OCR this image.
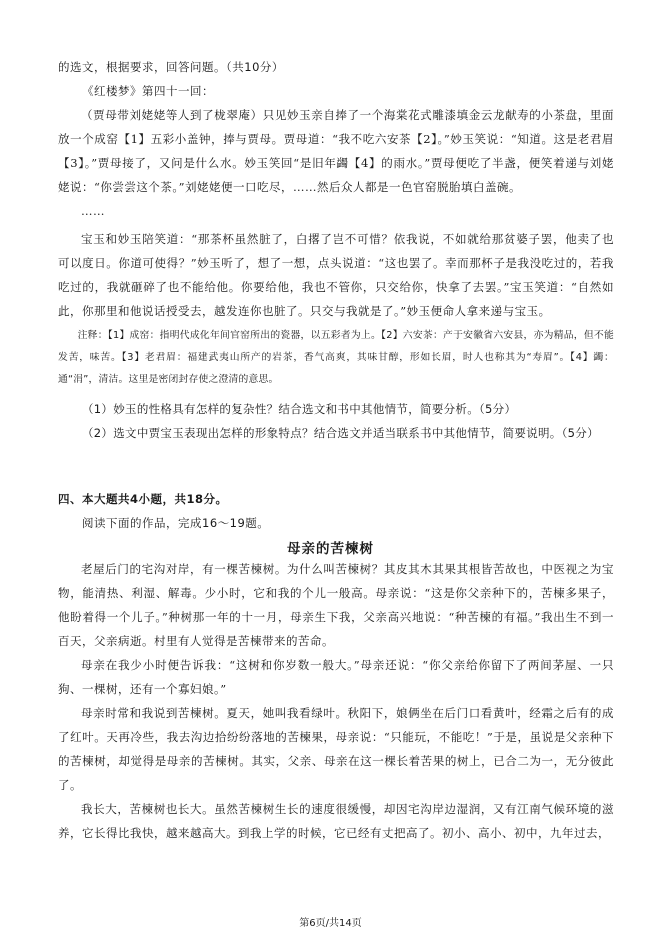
的选文，根据要求，回答问题。（共10分）
《红楼梦》第四十一回：

（贾母带刘姥姥等人到了栊翠庵）只见妙玉亲自捧了一个海棠花式雕漆填金云龙献寿的小茶盘，里面放一个成窑【1】五彩小盖钟，捧与贾母。贾母道：“我不吃六安茶【2】。”妙玉笑说：“知道。这是老君眉【3】。”贾母接了，又问是什么水。妙玉笑回“是旧年蠲【4】的雨水。”贾母便吃了半盏，便笑着递与刘姥姥说：“你尝尝这个茶。”刘姥姥便一口吃尽，……然后众人都是一色官窑脱胎填白盖碗。

……

宝玉和妙玉陪笑道：“那茶杯虽然脏了，白撂了岂不可惜？依我说，不如就给那贫婆子罢，他卖了也可以度日。你道可使得？”妙玉听了，想了一想，点头说道：“这也罢了。幸而那杯子是我没吃过的，若我吃过的，我就砸碎了也不能给他。你要给他，我也不管你，只交给你，快拿了去罢。”宝玉笑道：“自然如此，你那里和他说话授受去，越发连你也脏了。只交与我就是了。”妙玉便命人拿来递与宝玉。

注释：【1】成窑：指明代成化年间官窑所出的瓷器，以五彩者为上。【2】六安茶：产于安徽省六安县，亦为精品，但不能发苦，味苦。【3】老君眉：福建武夷山所产的岩茶，香气高爽，其味甘醇，形如长眉，时人也称其为“寿眉”。【4】蠲：通“涓”，清洁。这里是密闭封存使之澄清的意思。

（1）妙玉的性格具有怎样的复杂性？结合选文和书中其他情节，简要分析。（5分）
（2）选文中贾宝玉表现出怎样的形象特点？结合选文并适当联系书中其他情节，简要说明。（5分）
四、本大题共4小题，共18分。
阅读下面的作品，完成16～19题。
母亲的苦楝树

老屋后门的宅沟对岸，有一棵苦楝树。为什么叫苦楝树？其皮其木其果其根皆苦故也，中医视之为宝物，能清热、利湿、解毒。少小时，它和我的个儿一般高。母亲说：“这是你父亲种下的，苦楝多果子，他盼着得一个儿子。”种树那一年的十一月，母亲生下我，父亲高兴地说：“种苦楝的有福。”我出生不到一百天，父亲病逝。村里有人觉得是苦楝带来的苦命。

母亲在我少小时便告诉我：“这树和你岁数一般大。”母亲还说：“你父亲给你留下了两间茅屋、一只狗、一棵树，还有一个寡妇娘。”

母亲时常和我说到苦楝树。夏天，她叫我看绿叶。秋阳下，娘俩坐在后门口看黄叶，经霜之后有的成了红叶。天再冷些，我去沟边拾纷纷落地的苦楝果，母亲说：“只能玩，不能吃！”于是，虽说是父亲种下的苦楝树，却觉得是母亲的苦楝树。其实，父亲、母亲在这一棵长着苦果的树上，已合二为一，无分彼此了。

我长大，苦楝树也长大。虽然苦楝树生长的速度很缓慢，却因宅沟岸边湿润，又有江南气候环境的滋养，它长得比我快，越来越高大。到我上学的时候，它已经有丈把高了。初小、高小、初中，九年过去，

第6页/共14页
